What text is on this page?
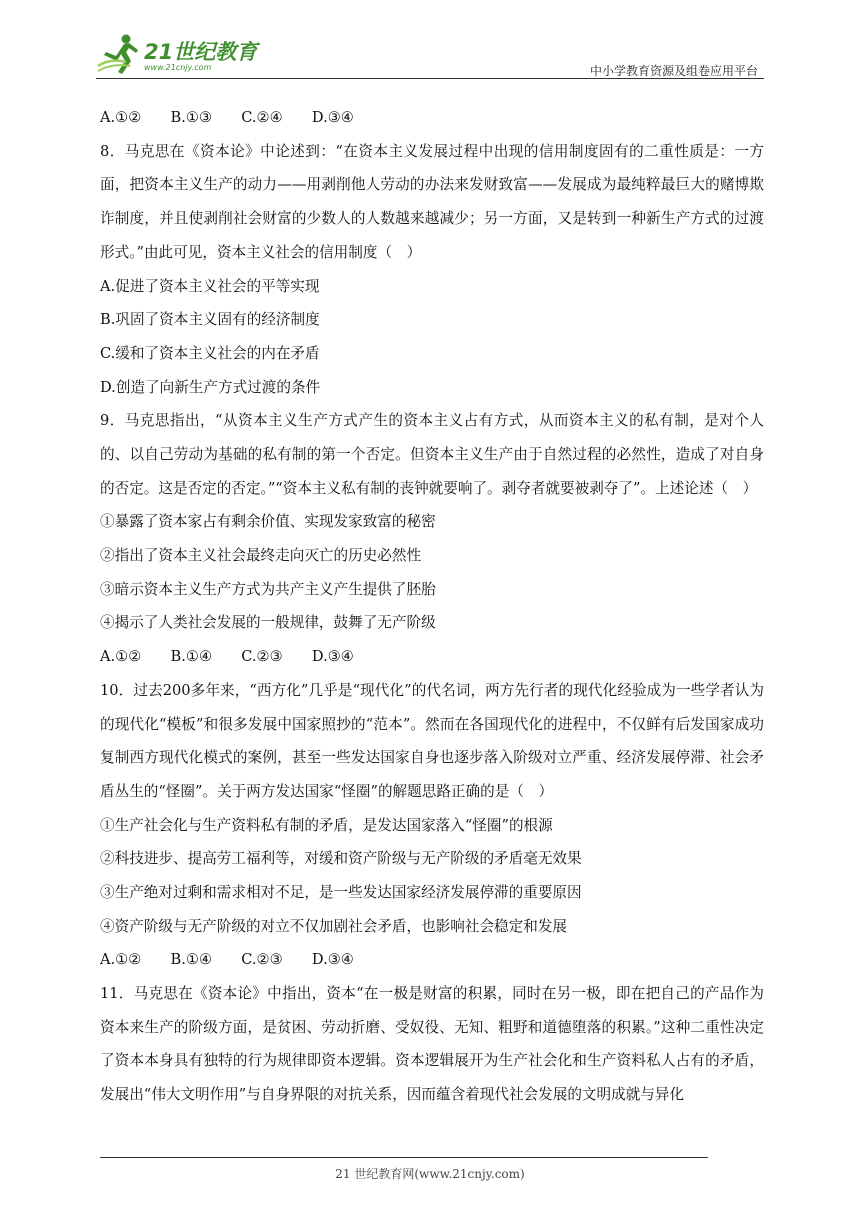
21世纪教育
www.21cnjy.com	中小学教育资源及组卷应用平台
A.①②　　B.①③　　C.②④　　D.③④
8．马克思在《资本论》中论述到：“在资本主义发展过程中出现的信用制度固有的二重性质是：一方面，把资本主义生产的动力——用剥削他人劳动的办法来发财致富——发展成为最纯粹最巨大的赌博欺诈制度，并且使剥削社会财富的少数人的人数越来越减少；另一方面，又是转到一种新生产方式的过渡形式。”由此可见，资本主义社会的信用制度（　）
A.促进了资本主义社会的平等实现
B.巩固了资本主义固有的经济制度
C.缓和了资本主义社会的内在矛盾
D.创造了向新生产方式过渡的条件
9．马克思指出，“从资本主义生产方式产生的资本主义占有方式，从而资本主义的私有制，是对个人的、以自己劳动为基础的私有制的第一个否定。但资本主义生产由于自然过程的必然性，造成了对自身的否定。这是否定的否定。”“资本主义私有制的丧钟就要响了。剥夺者就要被剥夺了”。上述论述（　）
①暴露了资本家占有剩余价值、实现发家致富的秘密
②指出了资本主义社会最终走向灭亡的历史必然性
③暗示资本主义生产方式为共产主义产生提供了胚胎
④揭示了人类社会发展的一般规律，鼓舞了无产阶级
A.①②　　B.①④　　C.②③　　D.③④
10．过去200多年来，“西方化”几乎是“现代化”的代名词，两方先行者的现代化经验成为一些学者认为的现代化“模板”和很多发展中国家照抄的“范本”。然而在各国现代化的进程中，不仅鲜有后发国家成功复制西方现代化模式的案例，甚至一些发达国家自身也逐步落入阶级对立严重、经济发展停滞、社会矛盾丛生的“怪圈”。关于两方发达国家“怪圈”的解题思路正确的是（　）
①生产社会化与生产资料私有制的矛盾，是发达国家落入“怪圈”的根源
②科技进步、提高劳工福利等，对缓和资产阶级与无产阶级的矛盾毫无效果
③生产绝对过剩和需求相对不足，是一些发达国家经济发展停滞的重要原因
④资产阶级与无产阶级的对立不仅加剧社会矛盾，也影响社会稳定和发展
A.①②　　B.①④　　C.②③　　D.③④
11．马克思在《资本论》中指出，资本“在一极是财富的积累，同时在另一极，即在把自己的产品作为资本来生产的阶级方面，是贫困、劳动折磨、受奴役、无知、粗野和道德堕落的积累。”这种二重性决定了资本本身具有独特的行为规律即资本逻辑。资本逻辑展开为生产社会化和生产资料私人占有的矛盾，发展出“伟大文明作用”与自身界限的对抗关系，因而蕴含着现代社会发展的文明成就与异化
21 世纪教育网(www.21cnjy.com)
